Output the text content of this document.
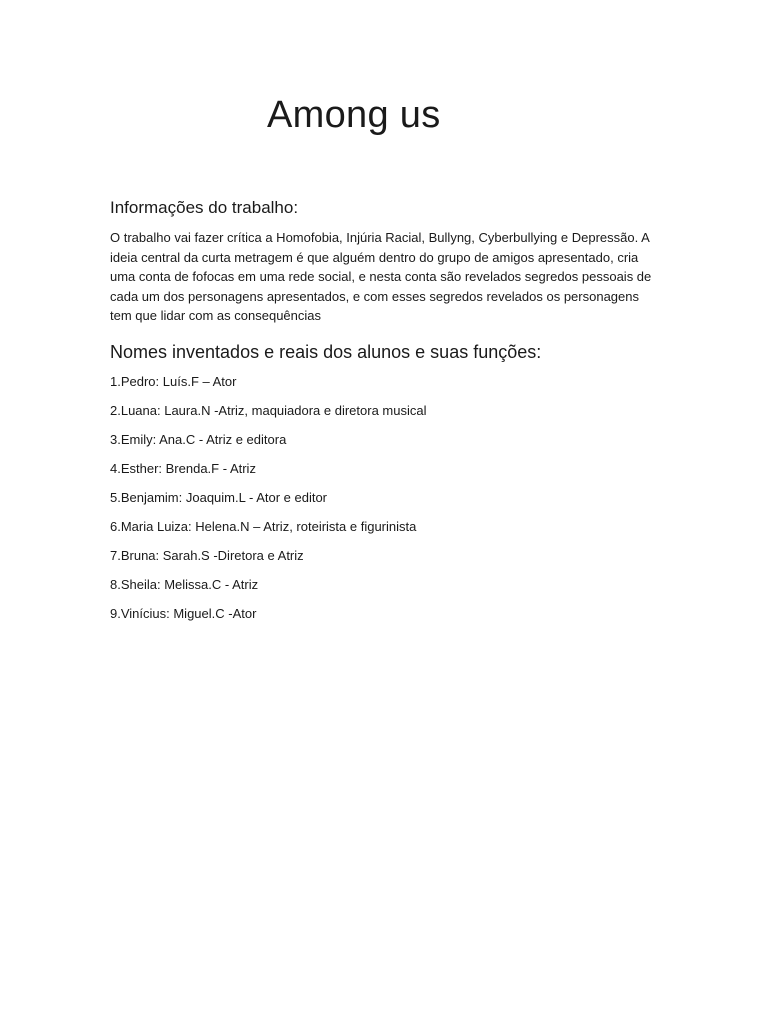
Among us
Informações do trabalho:

O trabalho vai fazer crítica a Homofobia, Injúria Racial, Bullyng, Cyberbullying e Depressão. A ideia central da curta metragem é que alguém dentro do grupo de amigos apresentado, cria uma conta de fofocas em uma rede social, e nesta conta são revelados segredos pessoais de cada um dos personagens apresentados, e com esses segredos revelados os personagens tem que lidar com as consequências

Nomes inventados e reais dos alunos e suas funções:
1.Pedro: Luís.F – Ator
2.Luana: Laura.N -Atriz, maquiadora e diretora musical
3.Emily: Ana.C - Atriz e editora
4.Esther: Brenda.F - Atriz
5.Benjamim: Joaquim.L - Ator e editor
6.Maria Luiza: Helena.N – Atriz, roteirista e figurinista
7.Bruna: Sarah.S -Diretora e Atriz
8.Sheila: Melissa.C - Atriz
9.Vinícius: Miguel.C -Ator
